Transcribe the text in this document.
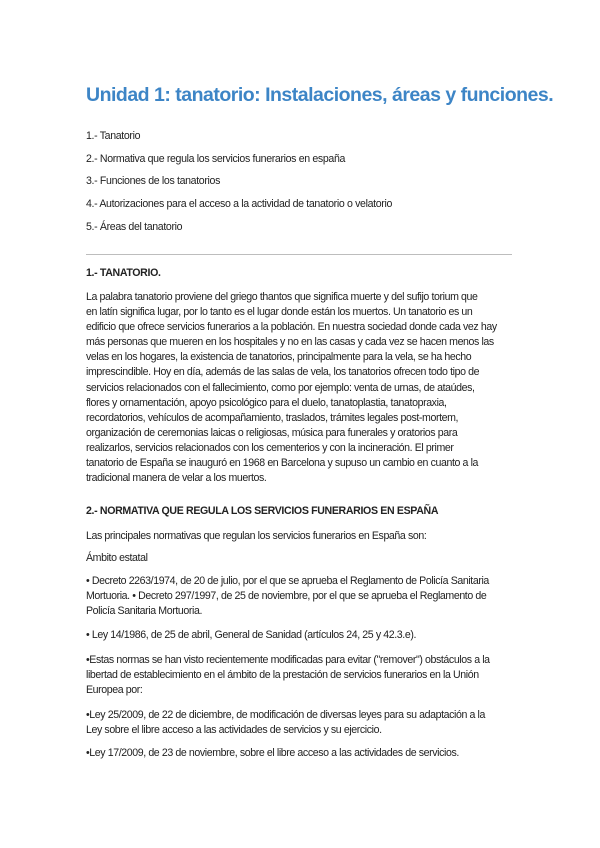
Unidad 1: tanatorio: Instalaciones, áreas y funciones.
1.- Tanatorio
2.- Normativa que regula los servicios funerarios en españa
3.- Funciones de los tanatorios
4.- Autorizaciones para el acceso a la actividad de tanatorio o velatorio
5.- Áreas del tanatorio

1.- TANATORIO.

La palabra tanatorio proviene del griego thantos que significa muerte y del sufijo torium que
en latín significa lugar, por lo tanto es el lugar donde están los muertos. Un tanatorio es un
edificio que ofrece servicios funerarios a la población. En nuestra sociedad donde cada vez hay
más personas que mueren en los hospitales y no en las casas y cada vez se hacen menos las
velas en los hogares, la existencia de tanatorios, principalmente para la vela, se ha hecho
imprescindible. Hoy en día, además de las salas de vela, los tanatorios ofrecen todo tipo de
servicios relacionados con el fallecimiento, como por ejemplo: venta de urnas, de ataúdes,
flores y ornamentación, apoyo psicológico para el duelo, tanatoplastia, tanatopraxia,
recordatorios, vehículos de acompañamiento, traslados, trámites legales post-mortem,
organización de ceremonias laicas o religiosas, música para funerales y oratorios para
realizarlos, servicios relacionados con los cementerios y con la incineración. El primer
tanatorio de España se inauguró en 1968 en Barcelona y supuso un cambio en cuanto a la
tradicional manera de velar a los muertos.

2.- NORMATIVA QUE REGULA LOS SERVICIOS FUNERARIOS EN ESPAÑA

Las principales normativas que regulan los servicios funerarios en España son:

Ámbito estatal

• Decreto 2263/1974, de 20 de julio, por el que se aprueba el Reglamento de Policía Sanitaria
Mortuoria. • Decreto 297/1997, de 25 de noviembre, por el que se aprueba el Reglamento de
Policía Sanitaria Mortuoria.

• Ley 14/1986, de 25 de abril, General de Sanidad (artículos 24, 25 y 42.3.e).

•Estas normas se han visto recientemente modificadas para evitar ("remover") obstáculos a la
libertad de establecimiento en el ámbito de la prestación de servicios funerarios en la Unión
Europea por:

•Ley 25/2009, de 22 de diciembre, de modificación de diversas leyes para su adaptación a la
Ley sobre el libre acceso a las actividades de servicios y su ejercicio.

•Ley 17/2009, de 23 de noviembre, sobre el libre acceso a las actividades de servicios.
